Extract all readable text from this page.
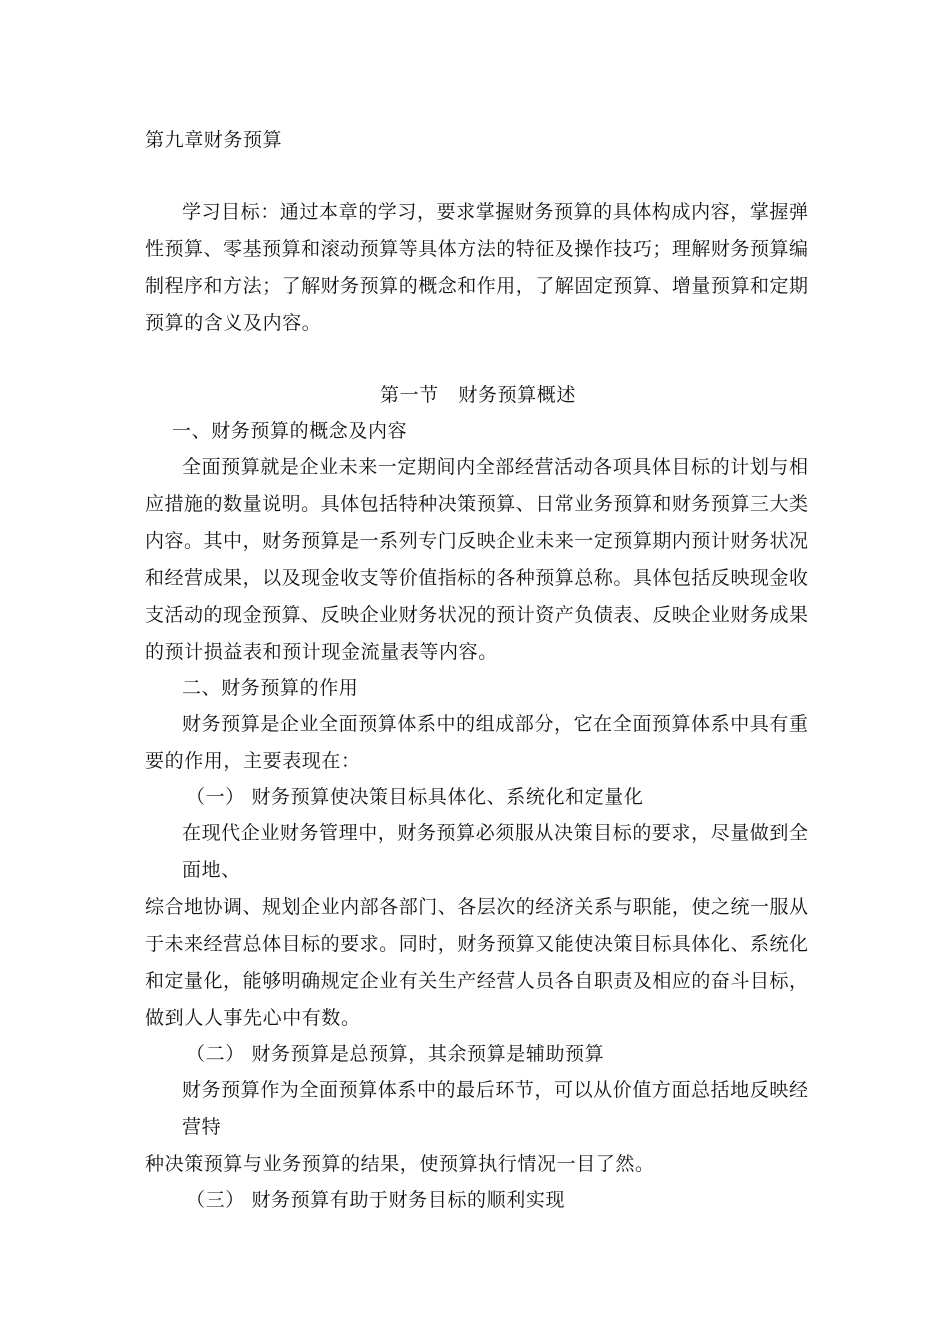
第九章财务预算
学习目标：通过本章的学习，要求掌握财务预算的具体构成内容，掌握弹
性预算、零基预算和滚动预算等具体方法的特征及操作技巧；理解财务预算编
制程序和方法；了解财务预算的概念和作用，了解固定预算、增量预算和定期
预算的含义及内容。
第一节　财务预算概述
一、财务预算的概念及内容
全面预算就是企业未来一定期间内全部经营活动各项具体目标的计划与相
应措施的数量说明。具体包括特种决策预算、日常业务预算和财务预算三大类
内容。其中，财务预算是一系列专门反映企业未来一定预算期内预计财务状况
和经营成果，以及现金收支等价值指标的各种预算总称。具体包括反映现金收
支活动的现金预算、反映企业财务状况的预计资产负债表、反映企业财务成果
的预计损益表和预计现金流量表等内容。
二、财务预算的作用
财务预算是企业全面预算体系中的组成部分，它在全面预算体系中具有重
要的作用，主要表现在：
（一） 财务预算使决策目标具体化、系统化和定量化
在现代企业财务管理中，财务预算必须服从决策目标的要求，尽量做到全
面地、
综合地协调、规划企业内部各部门、各层次的经济关系与职能，使之统一服从
于未来经营总体目标的要求。同时，财务预算又能使决策目标具体化、系统化
和定量化，能够明确规定企业有关生产经营人员各自职责及相应的奋斗目标，
做到人人事先心中有数。
（二） 财务预算是总预算，其余预算是辅助预算
财务预算作为全面预算体系中的最后环节，可以从价值方面总括地反映经
营特
种决策预算与业务预算的结果，使预算执行情况一目了然。
（三） 财务预算有助于财务目标的顺利实现
